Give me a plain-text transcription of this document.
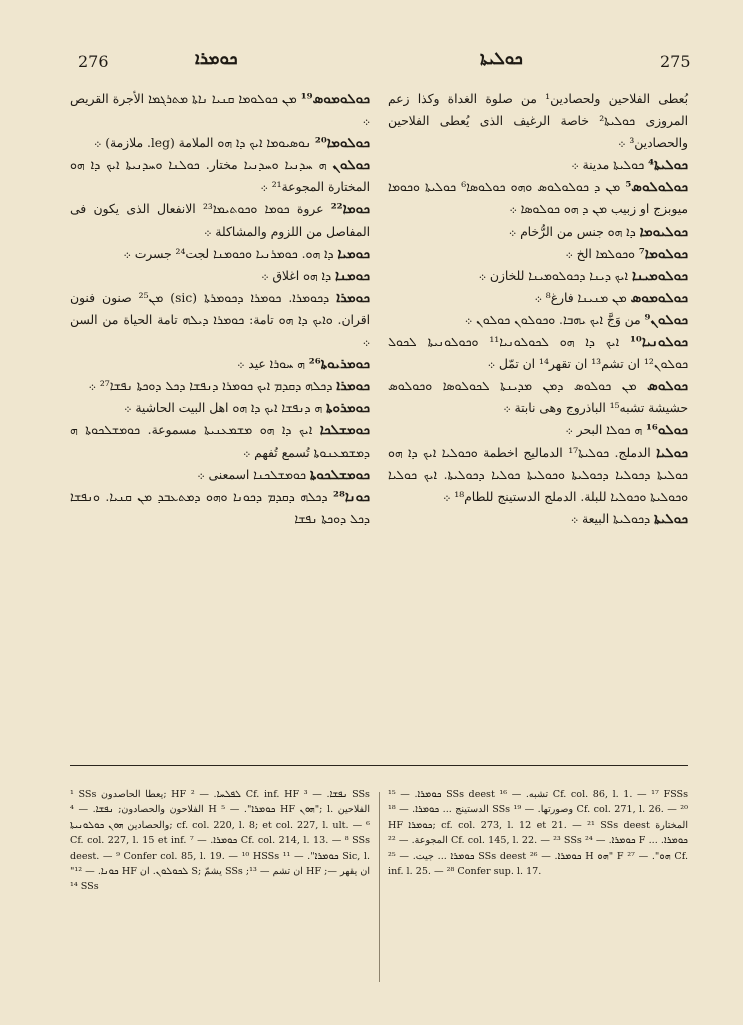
276	ܟܘܡܪܐ	ܟܘܠܝܬܐ	275

ܟܘܠܘܡܘܣ¹⁹ ܡܢ ܟܘܠܘܡܐ ܩܢܝܐ ܢܐܬܐ ܡܬܪܓܡܐ الأجرة القريص ܀

ܟܘܠܘܡܐ²⁰ ܢܘܣܝܘܡܐ ܐܝܟ ܕܐ ܗܘ الملامة (leg. ملازمة) ܀

ܟܘܠܘܢ ܗ ܚܕܢܝܐ ܘܚܕܢܝܐ مختار. ܟܘܠܢܐ ܘܚܕܢܝܬܐ ܐܝܟ ܕܐ ܗܘ المختارة المجوعة²¹ ܀

ܟܘܡܐ²² عروة ܟܘܡܐ ܘܟܘܬܝܡܐ²³ الانفعال الذى يكون فى المفاصل من اللزوم والمشاكلة ܀

ܟܘܡܝܐ ܕܐ ܗܘ. ܟܘܡܪܢܝܐ ܘܟܘܡܢܐ لجت²⁴ جسرت ܀

ܟܘܡܢܐ ܕܐ ܗܘ اغلاق ܀

ܟܘܡܪܐ ܕܟܘܡܪܐ. ܟܘܡܪܐ ܕܟܘܡܪܬܐ (sic) ܡܢ²⁵ صنون فنون اقران. ܘܐܝܟ ܕܐ ܗܘ تامة: ܟܘܡܪܐ ܕܝܠܗ تامة الحياة من السن ܀

ܟܘܡܪܝܘܬܐ²⁶ ܗ ܚܘܪܐ عيد ܀

ܟܘܡܪܐ ܕܟܠܗ ܕܩܕܡ ܐܝܟ ܟܘܡܪܐ ܕܢܦܫܐ ܕܟܠ ܕܘܟܬܐ ܢܦܫܐ²⁷ ܀

ܟܘܡܪܘܬܐ ܗ ܕܢܦܫܐ ܐܝܟ ܕܐ ܗܘ اهل البيت الحاشية ܀

ܟܘܡܫܠܟܐ ܐܝܟ ܕܐ ܗܘ ܡܫܡܥܢܝܬܐ مسموعة. ܟܘܡܫܠܟܘܬܐ ܗ ܕܡܫܡܥܢܘܬܐ تُسمع تُفهم ܀

ܟܘܡܫܠܟܘܬܐ ܟܘܡܫܠܟܢܐ اسمعنى ܀

ܟܘܢܐ²⁸ ܕܟܠܗ ܕܩܕܡ ܕܟܘܢܐ ܘܗܘ ܕܡܬܥܒܕ ܡܢ ܩܢܝܐ. ܘܢܦܫܐ ܕܟܠ ܕܘܟܬܐ ܢܦܫܐ

بُعطى الفلاحين ولحصادين¹ من صلوة الغداة وكذا زعم المروزى ܟܘܠܝܬܐ² خاصة الرغيف الذى يُعطى الفلاحين والحصادين³ ܀

ܟܘܠܝܬܐ⁴ ܟܘܠܝܬܐ مدينة ܀

ܟܘܠܘܠܘܣ⁵ ܡܢ ܕ ܟܘܠܘܠܘܣ ܘܗܘ ܟܘܠܘܣܐ⁶ ܟܘܠܝܬܐ ܘܟܘܡܐ ميوبزج او زبيب ܡܢ ܕ ܗܘ ܟܘܠܘܣܐ ܀

ܟܘܠܝܘܡܐ ܕܐ ܗܘ جنس من الرُّخام ܀

ܟܘܠܘܡܐ⁷ ܘܟܘܠܡܐ الخ ܀

ܟܘܠܘܡܝܢܐ ܐܝܟ ܕܝܢܐ ܕܟܘܠܘܡܝܢܐ للخازن ܀

ܟܘܠܘܡܘܣ ܡܢ ܡܢܝܢܐ فارغ⁸ ܀

ܟܘܠܘܢ⁹ من وَجَّ ܐܝܟ ܝܗܒܐ. ܘܟܘܠܘܢ ܟܘܠܘܢ ܀

ܟܘܠܘܢܝܐ¹⁰ ܐܝܟ ܕܐ ܗܘ ܠܟܘܠܘܢܝܐ¹¹ ܘܟܘܠܘܢܝܬܐ ܠܟܘܠ ܟܘܠܘܢ¹² ان تشم¹³ ان تقهر¹⁴ ان تمّل ܀

ܟܘܠܘܣ ܡܢ ܟܘܠܘܣ ܕܡܢ ܡܕܝܢܬܐ ܠܟܘܠܘܣܐ ܘܟܘܠܘܣ حشيشة تشبه¹⁵ الباذروج وهى نابتة ܀

ܟܘܠܘ¹⁶ ܗ ܟܘܠܐ البحر ܀

ܟܘܠܝܐ الدملج. ܟܘܠܝܬܐ¹⁷ الدماليج اخطمة ܘܟܘܠܝܐ ܐܝܟ ܕܐ ܗܘ ܟܘܠܝܬܐ ܕܟܘܠܝܐ ܕܟܘܠܝܬܐ ܘܟܘܠܝܬܐ ܟܘܠܝܐ ܕܟܘܠܝܬܐ. ܐܝܟ ܟܘܠܝܐ ܘܟܘܠܝܬܐ ܘܟܘܠܝܐ للبلة. الدملج الدستينج للطام¹⁸ ܀

ܟܘܠܝܬܐ ܕܟܘܠܝܬܐ البيعة ܀

¹ SSs يعطا الحاصدون; HF ܠܦܠܚܐ. — ² Cf. inf. HF ܢܦܫܐ. — ³ SSs الفلاحون والحصادون; ܢܦܫܐ. — ⁴ H ܟܘܡܪܐ". — ⁵ HF ܗܘܢ"; l. الفلاحين والحصادين ܗܘܢ ܟܘܠܘܢܝܬܐ; cf. col. 220, l. 8; et col. 227, l. ult. — ⁶ Cf. col. 227, l. 15 et inf. ܟܘܡܪܐ. — ⁷ Cf. col. 214, l. 13. — ⁸ SSs deest. — ⁹ Confer col. 85, l. 19. — ¹⁰ HSSs ܟܘܡܪܐ". — ¹¹ Sic, l. "ܟܘܢܐ. — ¹² HF ܠܟܘܠܘܢ. ان S; يشمّ SSs ;ان تشم — ¹³ HF ;ان يقهر — ¹⁴ SSs
ܟܘܡܪܐ. — ¹⁵ SSs deest تشبه. — ¹⁶ Cf. col. 86, l. 1. — ¹⁷ FSSs الدستينج ... ܟܘܡܪܐ. — ¹⁸ SSs وصورتها. — ¹⁹ Cf. col. 271, l. 26. — ²⁰ HF ܟܘܡܪܐ; cf. col. 273, l. 12 et 21. — ²¹ SSs deest المختارة المجوعة. — ²² Cf. col. 145, l. 22. — ²³ SSs ܟܘܡܪܐ. — ²⁴ F ... ܟܘܡܪܐ. ܟܘܡܪܐ ... جيت. — ²⁵ SSs deest ܟܘܡܪܐ. — ²⁶ H ܗܘ" F ܗܘ". — ²⁷ Cf. inf. l. 25. — ²⁸ Confer sup. l. 17.
